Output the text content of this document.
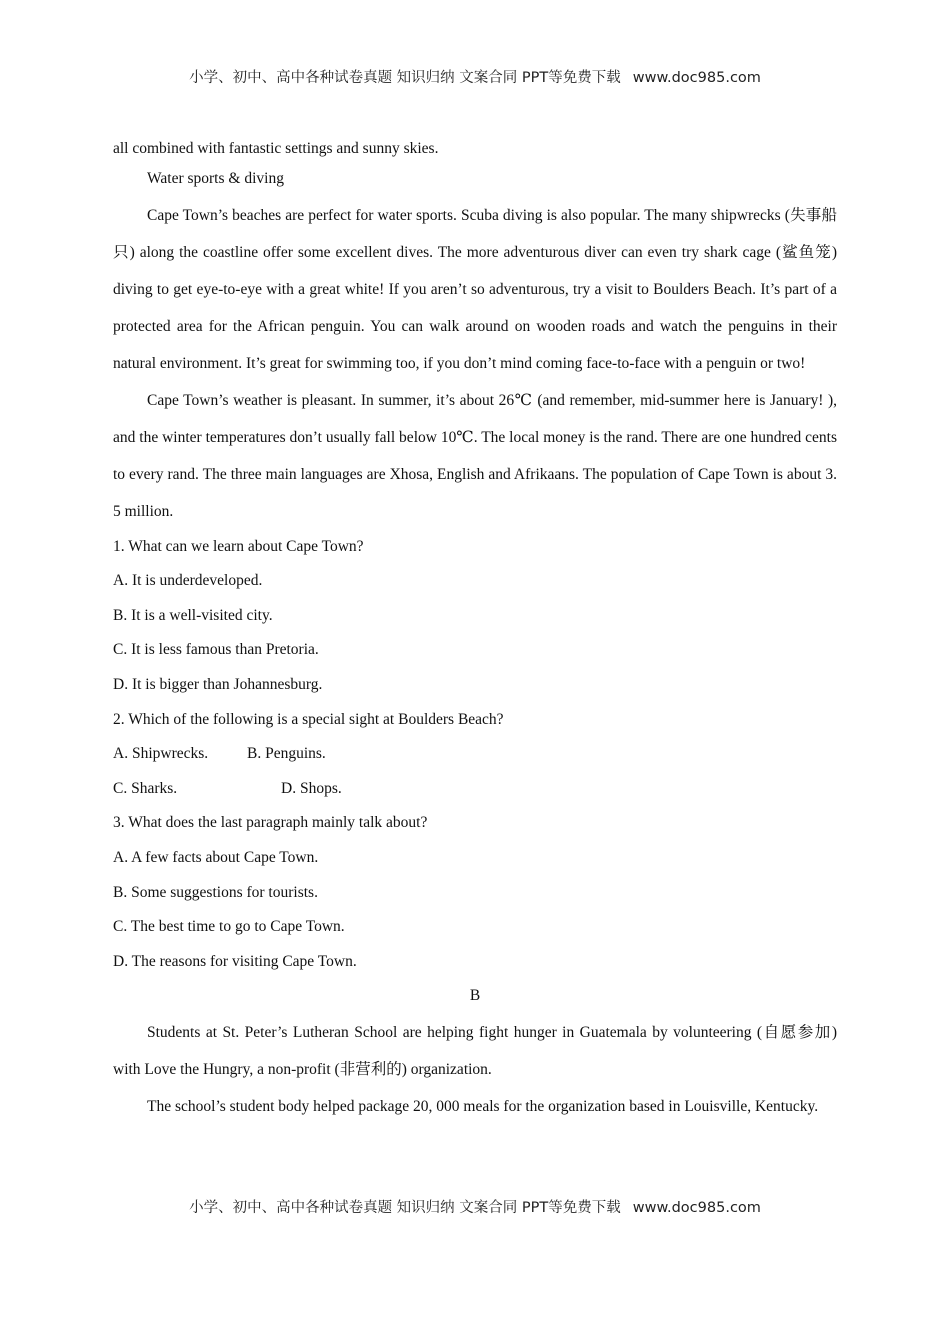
小学、初中、高中各种试卷真题 知识归纳 文案合同 PPT等免费下载 www.doc985.com

all combined with fantastic settings and sunny skies.

Water sports & diving

Cape Town’s beaches are perfect for water sports. Scuba diving is also popular. The many shipwrecks (失事船只) along the coastline offer some excellent dives. The more adventurous diver can even try shark cage (鲨鱼笼) diving to get eye-to-eye with a great white! If you aren’t so adventurous, try a visit to Boulders Beach. It’s part of a protected area for the African penguin. You can walk around on wooden roads and watch the penguins in their natural environment. It’s great for swimming too, if you don’t mind coming face-to-face with a penguin or two!

Cape Town’s weather is pleasant. In summer, it’s about 26℃ (and remember, mid-summer here is January! ), and the winter temperatures don’t usually fall below 10℃. The local money is the rand. There are one hundred cents to every rand. The three main languages are Xhosa, English and Afrikaans. The population of Cape Town is about 3. 5 million.

1. What can we learn about Cape Town?

A. It is underdeveloped.

B. It is a well-visited city.

C. It is less famous than Pretoria.

D. It is bigger than Johannesburg.

2. Which of the following is a special sight at Boulders Beach?

A. Shipwrecks.	B. Penguins.

C. Sharks.	D. Shops.

3. What does the last paragraph mainly talk about?

A. A few facts about Cape Town.

B. Some suggestions for tourists.

C. The best time to go to Cape Town.

D. The reasons for visiting Cape Town.

B

Students at St. Peter’s Lutheran School are helping fight hunger in Guatemala by volunteering (自愿参加) with Love the Hungry, a non-profit (非营利的) organization.

The school’s student body helped package 20, 000 meals for the organization based in Louisville, Kentucky.

小学、初中、高中各种试卷真题 知识归纳 文案合同 PPT等免费下载 www.doc985.com
